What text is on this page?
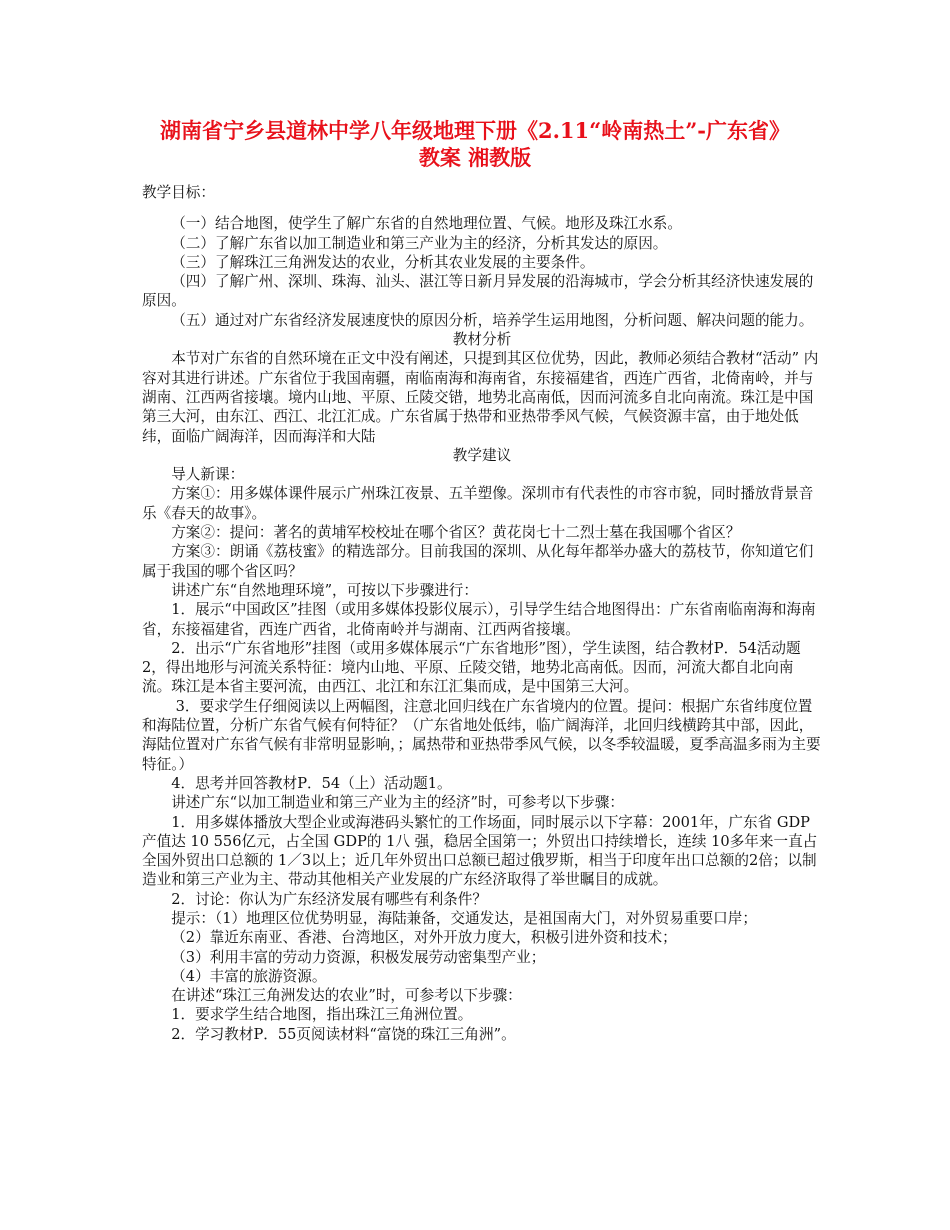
湖南省宁乡县道林中学八年级地理下册《2.11“岭南热土”-广东省》
教案 湘教版

教学目标：

（一）结合地图，使学生了解广东省的自然地理位置、气候。地形及珠江水系。

（二）了解广东省以加工制造业和第三产业为主的经济，分析其发达的原因。

（三）了解珠江三角洲发达的农业，分析其农业发展的主要条件。

（四）了解广州、深圳、珠海、汕头、湛江等日新月异发展的沿海城市，学会分析其经济快速发展的原因。

（五）通过对广东省经济发展速度快的原因分析，培养学生运用地图，分析问题、解决问题的能力。

教材分析

本节对广东省的自然环境在正文中没有阐述，只提到其区位优势，因此，教师必须结合教材“活动” 内容对其进行讲述。广东省位于我国南疆，南临南海和海南省，东接福建省，西连广西省，北倚南岭，并与湖南、江西两省接壤。境内山地、平原、丘陵交错，地势北高南低，因而河流多自北向南流。珠江是中国第三大河，由东江、西江、北江汇成。广东省属于热带和亚热带季风气候，气候资源丰富，由于地处低纬，面临广阔海洋，因而海洋和大陆

教学建议

导人新课：

方案①：用多媒体课件展示广州珠江夜景、五羊塑像。深圳市有代表性的市容市貌，同时播放背景音乐《春天的故事》。

方案②：提问：著名的黄埔军校校址在哪个省区？黄花岗七十二烈士墓在我国哪个省区？

方案③：朗诵《荔枝蜜》的精选部分。目前我国的深圳、从化每年都举办盛大的荔枝节，你知道它们属于我国的哪个省区吗？

讲述广东“自然地理环境”，可按以下步骤进行：

1．展示“中国政区”挂图（或用多媒体投影仪展示），引导学生结合地图得出：广东省南临南海和海南省，东接福建省，西连广西省，北倚南岭并与湖南、江西两省接壤。

2．出示“广东省地形”挂图（或用多媒体展示“广东省地形”图），学生读图，结合教材P．54活动题2，得出地形与河流关系特征：境内山地、平原、丘陵交错，地势北高南低。因而，河流大都自北向南流。珠江是本省主要河流，由西江、北江和东江汇集而成，是中国第三大河。

3．要求学生仔细阅读以上两幅图，注意北回归线在广东省境内的位置。提问：根据广东省纬度位置和海陆位置，分析广东省气候有何特征？（广东省地处低纬，临广阔海洋，北回归线横跨其中部，因此，海陆位置对广东省气候有非常明显影响，；属热带和亚热带季风气候，以冬季较温暖，夏季高温多雨为主要特征。）

4．思考并回答教材P．54（上）活动题1。

讲述广东“以加工制造业和第三产业为主的经济”时，可参考以下步骤：

1．用多媒体播放大型企业或海港码头繁忙的工作场面，同时展示以下字幕：2001年，广东省 GDP产值达 10 556亿元，占全国 GDP的 1八 强，稳居全国第一；外贸出口持续增长，连续 10多年来一直占全国外贸出口总额的 1／3以上；近几年外贸出口总额已超过俄罗斯，相当于印度年出口总额的2倍；以制造业和第三产业为主、带动其他相关产业发展的广东经济取得了举世瞩目的成就。

2．讨论：你认为广东经济发展有哪些有利条件？

提示：（1）地理区位优势明显，海陆兼备，交通发达，是祖国南大门，对外贸易重要口岸；

（2）靠近东南亚、香港、台湾地区，对外开放力度大，积极引进外资和技术；

（3）利用丰富的劳动力资源，积极发展劳动密集型产业；

（4）丰富的旅游资源。

在讲述“珠江三角洲发达的农业”时，可参考以下步骤：

1．要求学生结合地图，指出珠江三角洲位置。

2．学习教材P．55页阅读材料“富饶的珠江三角洲”。
